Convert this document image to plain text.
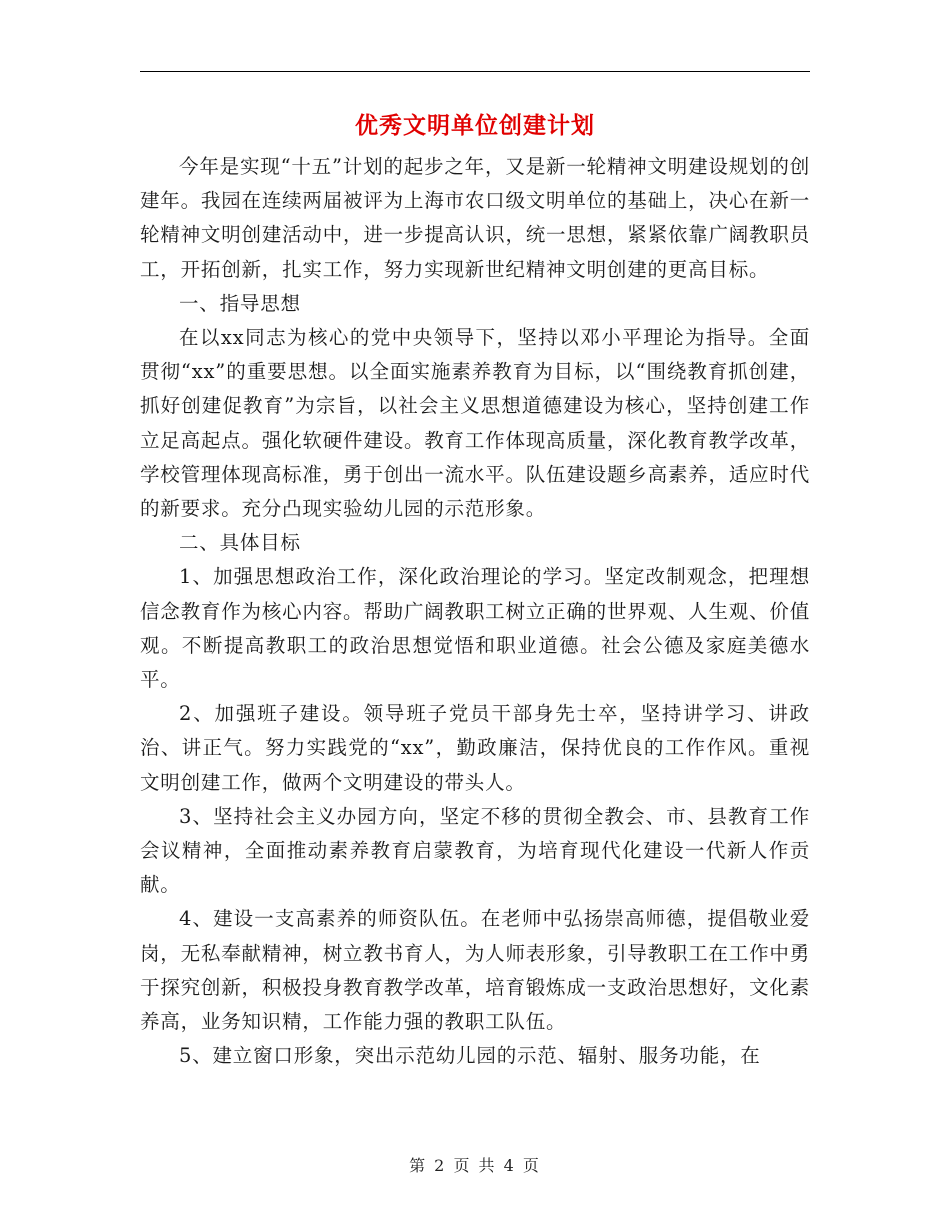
优秀文明单位创建计划

今年是实现“十五”计划的起步之年，又是新一轮精神文明建设规划的创建年。我园在连续两届被评为上海市农口级文明单位的基础上，决心在新一轮精神文明创建活动中，进一步提高认识，统一思想，紧紧依靠广阔教职员工，开拓创新，扎实工作，努力实现新世纪精神文明创建的更高目标。

一、指导思想

在以xx同志为核心的党中央领导下，坚持以邓小平理论为指导。全面贯彻“xx”的重要思想。以全面实施素养教育为目标，以“围绕教育抓创建，抓好创建促教育”为宗旨，以社会主义思想道德建设为核心，坚持创建工作立足高起点。强化软硬件建设。教育工作体现高质量，深化教育教学改革，学校管理体现高标准，勇于创出一流水平。队伍建设题乡高素养，适应时代的新要求。充分凸现实验幼儿园的示范形象。

二、具体目标

1、加强思想政治工作，深化政治理论的学习。坚定改制观念，把理想信念教育作为核心内容。帮助广阔教职工树立正确的世界观、人生观、价值观。不断提高教职工的政治思想觉悟和职业道德。社会公德及家庭美德水平。

2、加强班子建设。领导班子党员干部身先士卒，坚持讲学习、讲政治、讲正气。努力实践党的“xx”，勤政廉洁，保持优良的工作作风。重视文明创建工作，做两个文明建设的带头人。

3、坚持社会主义办园方向，坚定不移的贯彻全教会、市、县教育工作会议精神，全面推动素养教育启蒙教育，为培育现代化建设一代新人作贡献。

4、建设一支高素养的师资队伍。在老师中弘扬崇高师德，提倡敬业爱岗，无私奉献精神，树立教书育人，为人师表形象，引导教职工在工作中勇于探究创新，积极投身教育教学改革，培育锻炼成一支政治思想好，文化素养高，业务知识精，工作能力强的教职工队伍。

5、建立窗口形象，突出示范幼儿园的示范、辐射、服务功能，在

第 2 页 共 4 页
